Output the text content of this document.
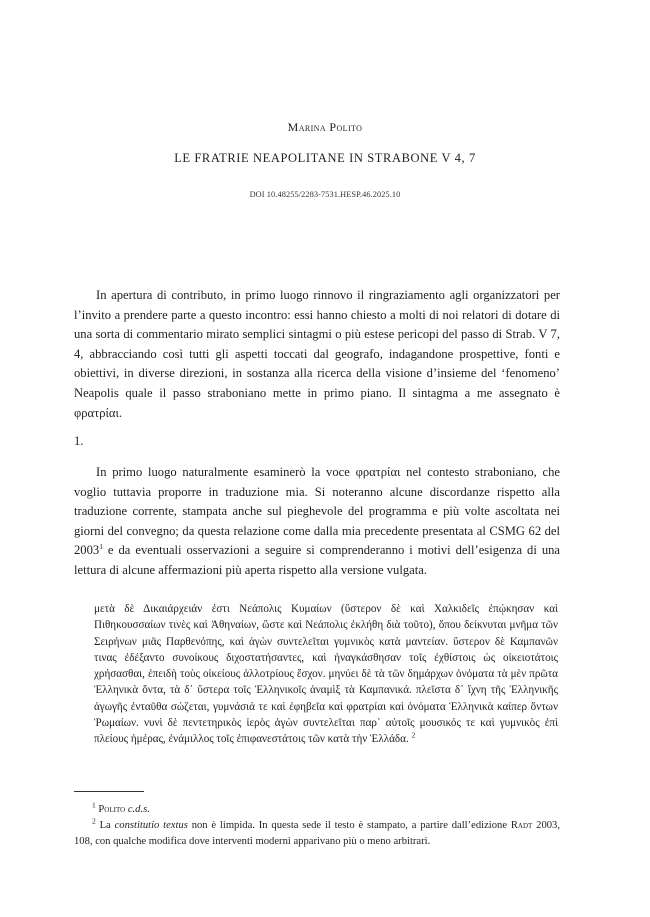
Marina Polito
LE FRATRIE NEAPOLITANE IN STRABONE V 4, 7
DOI 10.48255/2283-7531.HESP.46.2025.10

In apertura di contributo, in primo luogo rinnovo il ringraziamento agli organizzatori per l’invito a prendere parte a questo incontro: essi hanno chiesto a molti di noi relatori di dotare di una sorta di commentario mirato semplici sintagmi o più estese pericopi del passo di Strab. V 7, 4, abbracciando così tutti gli aspetti toccati dal geografo, indagandone prospettive, fonti e obiettivi, in diverse direzioni, in sostanza alla ricerca della visione d’insieme del ‘fenomeno’ Neapolis quale il passo straboniano mette in primo piano. Il sintagma a me assegnato è φρατρίαι.

1.

In primo luogo naturalmente esaminerò la voce φρατρίαι nel contesto straboniano, che voglio tuttavia proporre in traduzione mia. Si noteranno alcune discordanze rispetto alla traduzione corrente, stampata anche sul pieghevole del programma e più volte ascoltata nei giorni del convegno; da questa relazione come dalla mia precedente presentata al CSMG 62 del 2003$^1$ e da eventuali osservazioni a seguire si comprenderanno i motivi dell’esigenza di una lettura di alcune affermazioni più aperta rispetto alla versione vulgata.

μετὰ δὲ Δικαιάρχειάν ἐστι Νεάπολις Κυμαίων (ὕστερον δὲ καὶ Χαλκιδεῖς ἐπῴκησαν καὶ Πιθηκουσσαίων τινὲς καὶ Ἀθηναίων, ὥστε καὶ Νεάπολις ἐκλήθη διὰ τοῦτο), ὅπου δείκνυται μνῆμα τῶν Σειρήνων μιᾶς Παρθενόπης, καὶ ἀγὼν συντελεῖται γυμνικὸς κατὰ μαντείαν. ὕστερον δὲ Καμπανῶν τινας ἐδέξαντο συνοίκους διχοστατήσαντες, καὶ ἠναγκάσθησαν τοῖς ἐχθίστοις ὡς οἰκειοτάτοις χρήσασθαι, ἐπειδὴ τοὺς οἰκείους ἀλλοτρίους ἔσχον. μηνύει δὲ τὰ τῶν δημάρχων ὀνόματα τὰ μὲν πρῶτα Ἑλληνικὰ ὄντα, τὰ δ᾽ ὕστερα τοῖς Ἑλληνικοῖς ἀναμὶξ τὰ Καμπανικά. πλεῖστα δ᾽ ἴχνη τῆς Ἑλληνικῆς ἀγωγῆς ἐνταῦθα σώζεται, γυμνάσιά τε καὶ ἐφηβεῖα καὶ φρατρίαι καὶ ὀνόματα Ἑλληνικὰ καίπερ ὄντων Ῥωμαίων. νυνὶ δὲ πεντετηρικὸς ἱερὸς ἀγὼν συντελεῖται παρ᾽ αὐτοῖς μουσικός τε καὶ γυμνικὸς ἐπὶ πλείους ἡμέρας, ἐνάμιλλος τοῖς ἐπιφανεστάτοις τῶν κατὰ τὴν Ἑλλάδα. $^2$

$^1$ Polito c.d.s.

$^2$ La constitutio textus non è limpida. In questa sede il testo è stampato, a partire dall’edizione Radt 2003, 108, con qualche modifica dove interventi moderni apparivano più o meno arbitrari.
